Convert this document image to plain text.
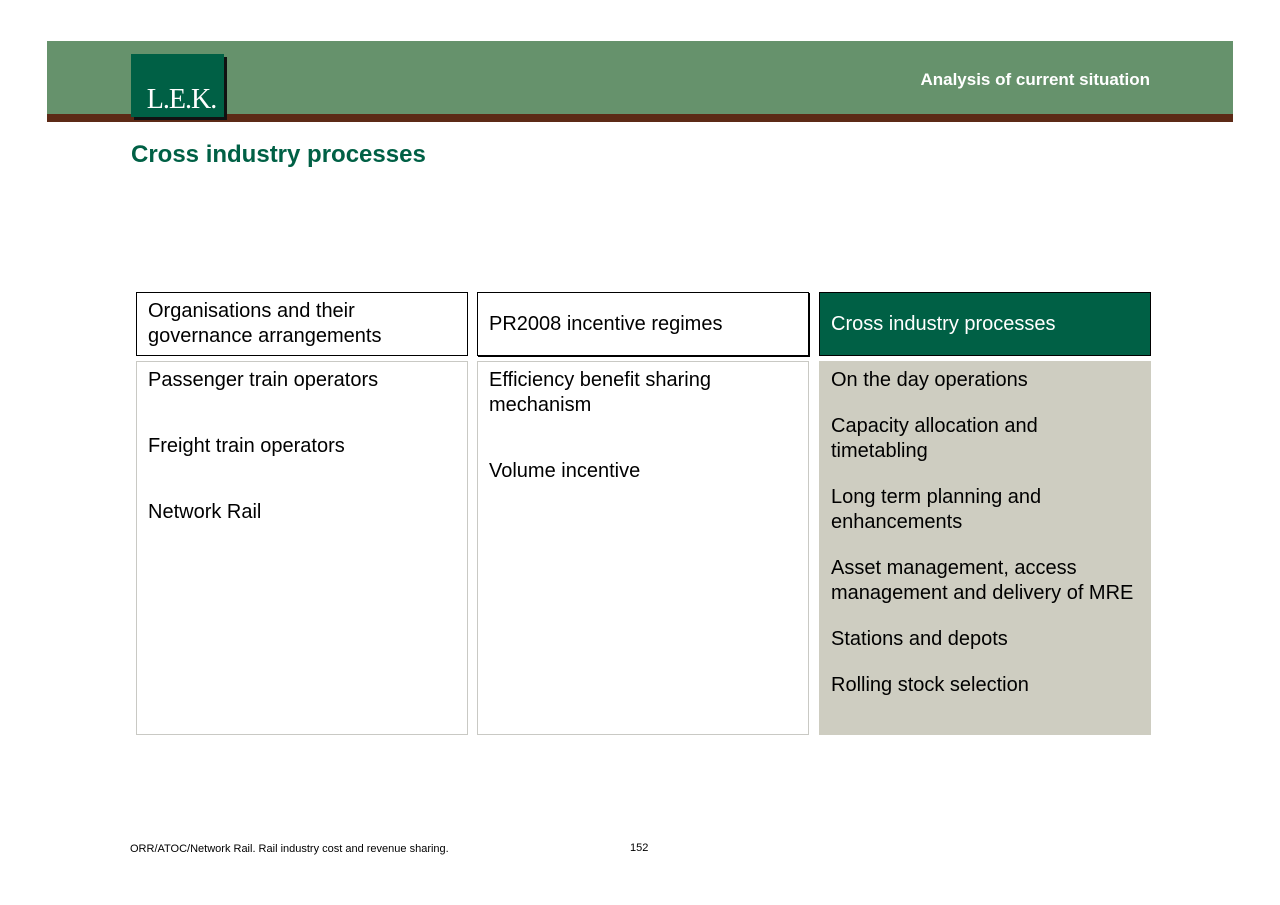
L.E.K.
Analysis of current situation
Cross industry processes
Organisations and their governance arrangements

Passenger train operators

Freight train operators

Network Rail

PR2008 incentive regimes

Efficiency benefit sharing mechanism

Volume incentive

Cross industry processes

On the day operations

Capacity allocation and timetabling

Long term planning and enhancements

Asset management, access management and delivery of MRE

Stations and depots

Rolling stock selection

ORR/ATOC/Network Rail. Rail industry cost and revenue sharing.	152
